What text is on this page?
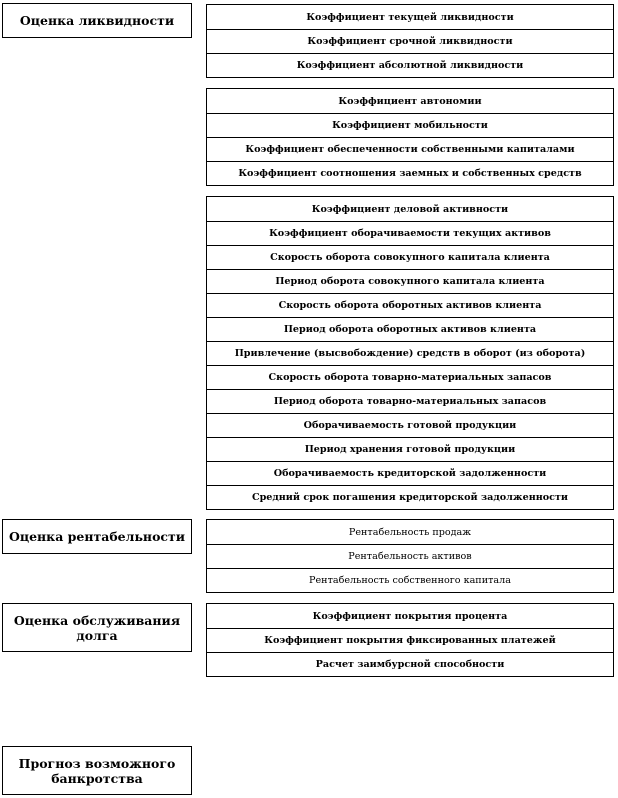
Оценка ликвидности
Оценка рентабельности
Оценка обслуживания долга
Прогноз возможного банкротства
Коэффициент текущей ликвидности
Коэффициент срочной ликвидности
Коэффициент абсолютной ликвидности
Коэффициент автономии
Коэффициент мобильности
Коэффициент обеспеченности собственными капиталами
Коэффициент соотношения заемных и собственных средств
Коэффициент деловой активности
Коэффициент оборачиваемости текущих активов
Скорость оборота совокупного капитала клиента
Период оборота совокупного капитала клиента
Скорость оборота оборотных активов клиента
Период оборота оборотных активов клиента
Привлечение (высвобождение) средств в оборот (из оборота)
Скорость оборота товарно-материальных запасов
Период оборота товарно-материальных запасов
Оборачиваемость готовой продукции
Период хранения готовой продукции
Оборачиваемость кредиторской задолженности
Средний срок погашения кредиторской задолженности
Рентабельность продаж
Рентабельность активов
Рентабельность собственного капитала
Коэффициент покрытия процента
Коэффициент покрытия фиксированных платежей
Расчет заимбурсной способности
